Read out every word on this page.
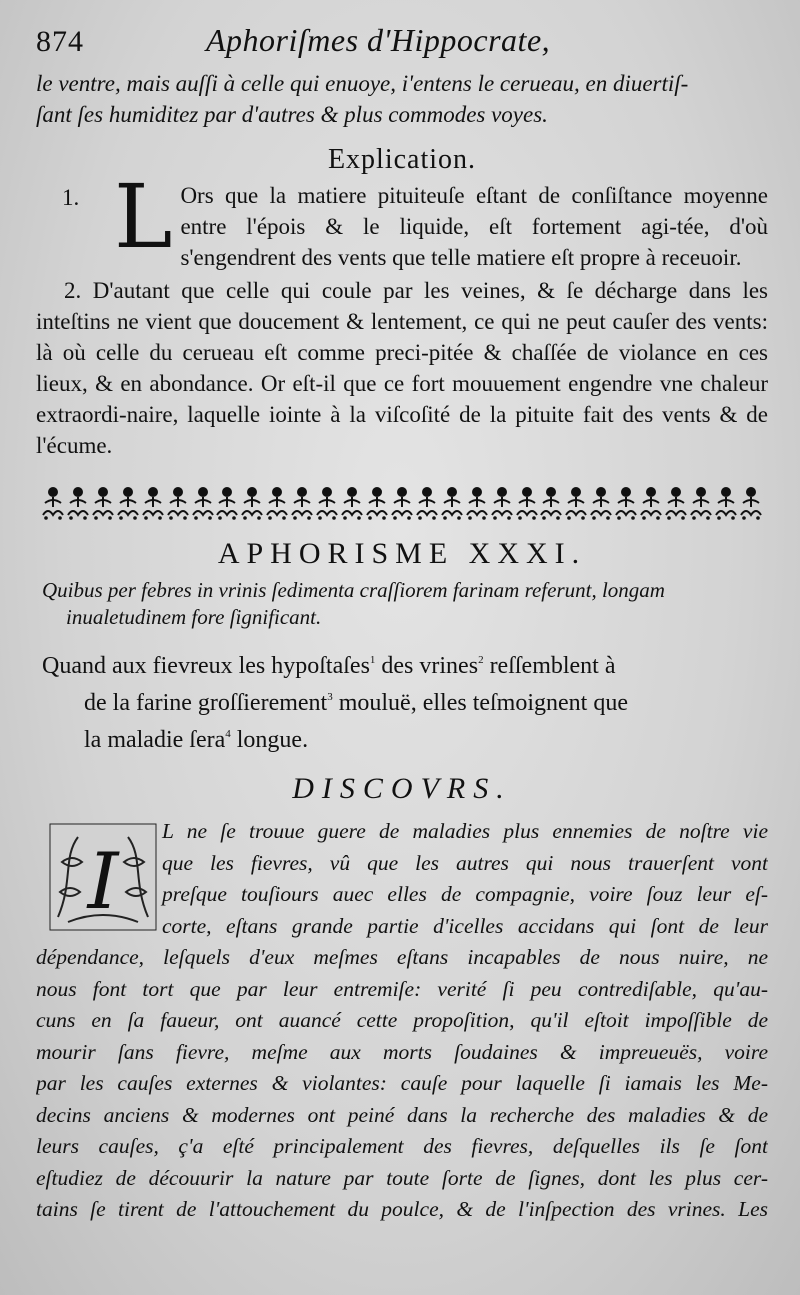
874	Aphoriſmes d'Hippocrate,
le ventre, mais auſſi à celle qui enuoye, i'entens le cerueau, en diuertiſ-
ſant ſes humiditez par d'autres & plus commodes voyes.
Explication.
1. L Ors que la matiere pituiteuſe eſtant de conſiſtance moyenne entre l'épois & le liquide, eſt fortement agi-tée, d'où s'engendrent des vents que telle matiere eſt propre à receuoir.
2. D'autant que celle qui coule par les veines, & ſe décharge dans les inteſtins ne vient que doucement & lentement, ce qui ne peut cauſer des vents: là où celle du cerueau eſt comme preci-pitée & chaſſée de violance en ces lieux, & en abondance. Or eſt-il que ce fort mouuement engendre vne chaleur extraordi-naire, laquelle iointe à la viſcoſité de la pituite fait des vents & de l'écume.
APHORISME XXXI.
Quibus per febres in vrinis ſedimenta craſſiorem farinam referunt, longam
inualetudinem fore ſignificant.
Quand aux fievreux les hypoſtaſes$^1$ des vrines$^2$ reſſemblent à
de la farine groſſierement$^3$ mouluë, elles teſmoignent que
la maladie ſera$^4$ longue.
DISCOVRS.
I
L ne ſe trouue guere de maladies plus ennemies de noſtre vie
que les fievres, vû que les autres qui nous trauerſent vont
preſque touſiours auec elles de compagnie, voire ſouz leur eſ-
corte, eſtans grande partie d'icelles accidans qui ſont de leur
dépendance, leſquels d'eux meſmes eſtans incapables de nous nuire, ne
nous font tort que par leur entremiſe: verité ſi peu contrediſable, qu'au-
cuns en ſa faueur, ont auancé cette propoſition, qu'il eſtoit impoſſible de
mourir ſans fievre, meſme aux morts ſoudaines & impreueuës, voire
par les cauſes externes & violantes: cauſe pour laquelle ſi iamais les Me-
decins anciens & modernes ont peiné dans la recherche des maladies & de
leurs cauſes, ç'a eſté principalement des fievres, deſquelles ils ſe ſont
eſtudiez de découurir la nature par toute ſorte de ſignes, dont les plus cer-
tains ſe tirent de l'attouchement du poulce, & de l'inſpection des vrines. Les
